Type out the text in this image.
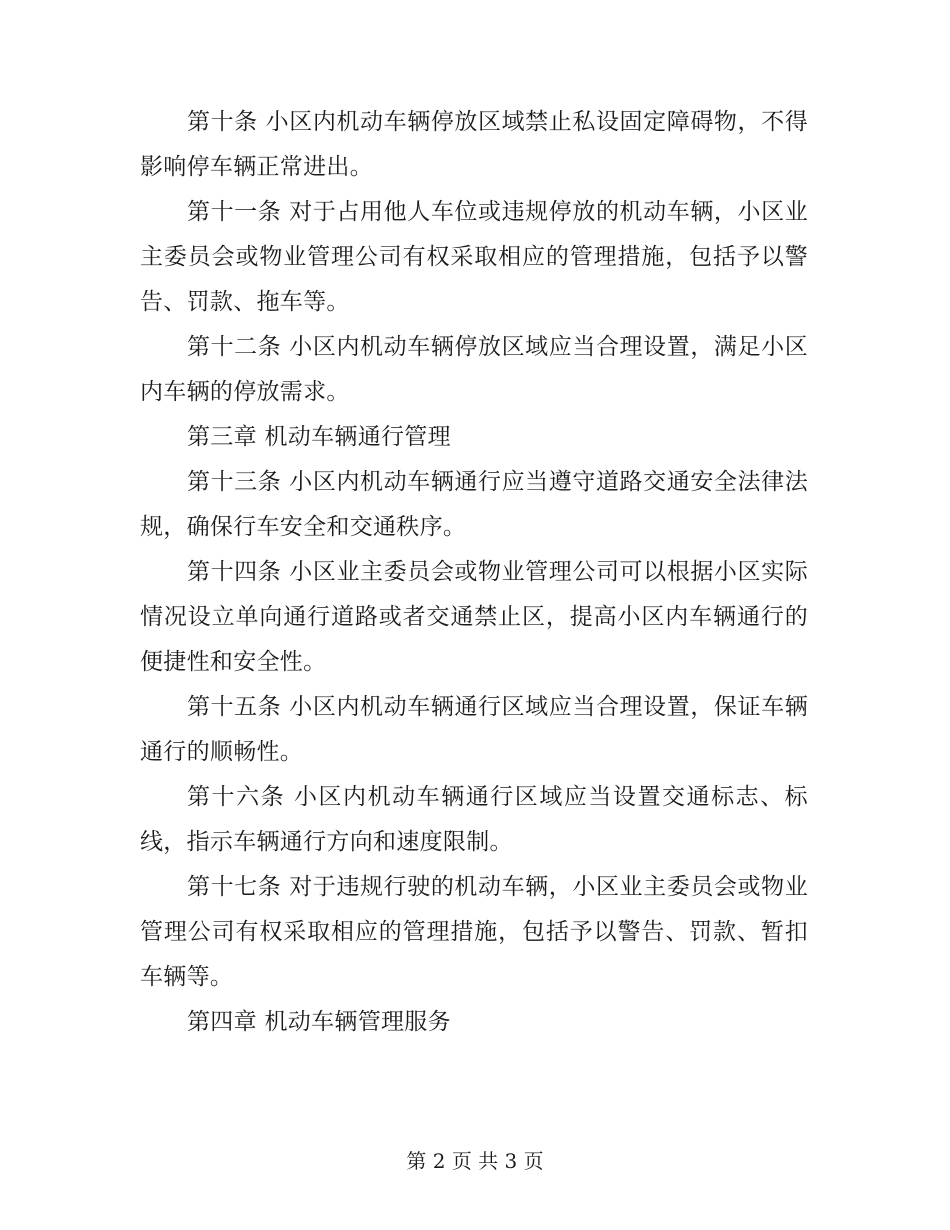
第十条 小区内机动车辆停放区域禁止私设固定障碍物，不得影响停车辆正常进出。

第十一条 对于占用他人车位或违规停放的机动车辆，小区业主委员会或物业管理公司有权采取相应的管理措施，包括予以警告、罚款、拖车等。

第十二条 小区内机动车辆停放区域应当合理设置，满足小区内车辆的停放需求。

第三章 机动车辆通行管理

第十三条 小区内机动车辆通行应当遵守道路交通安全法律法规，确保行车安全和交通秩序。

第十四条 小区业主委员会或物业管理公司可以根据小区实际情况设立单向通行道路或者交通禁止区，提高小区内车辆通行的便捷性和安全性。

第十五条 小区内机动车辆通行区域应当合理设置，保证车辆通行的顺畅性。

第十六条 小区内机动车辆通行区域应当设置交通标志、标线，指示车辆通行方向和速度限制。

第十七条 对于违规行驶的机动车辆，小区业主委员会或物业管理公司有权采取相应的管理措施，包括予以警告、罚款、暂扣车辆等。

第四章 机动车辆管理服务

第 2 页 共 3 页
